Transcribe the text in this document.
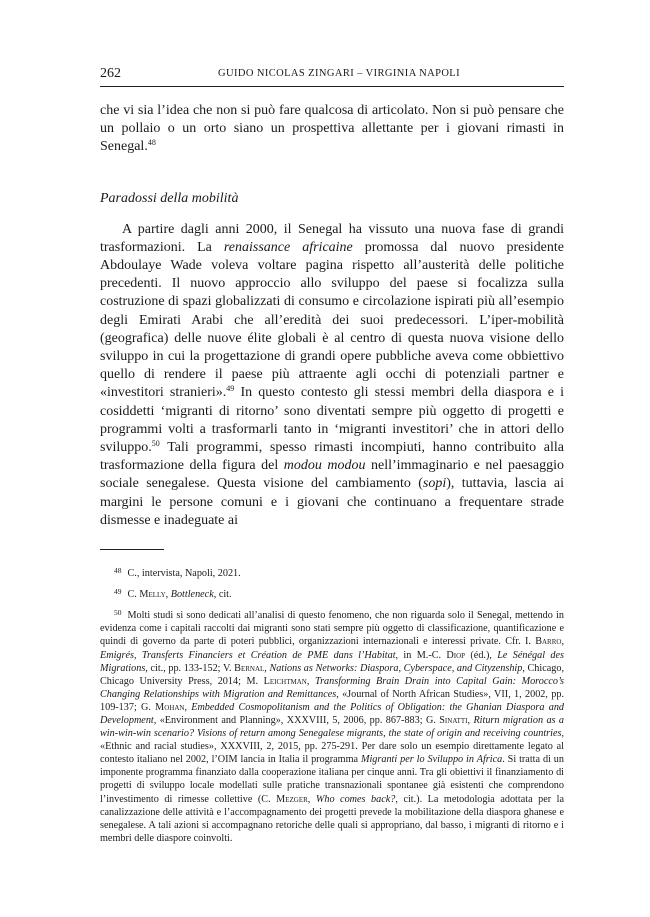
262	GUIDO NICOLAS ZINGARI – VIRGINIA NAPOLI

che vi sia l’idea che non si può fare qualcosa di articolato. Non si può pensare che un pollaio o un orto siano un prospettiva allettante per i giovani rimasti in Senegal.$^{48}$

Paradossi della mobilità

A partire dagli anni 2000, il Senegal ha vissuto una nuova fase di grandi trasformazioni. La renaissance africaine promossa dal nuovo presidente Abdoulaye Wade voleva voltare pagina rispetto all’austerità delle politiche precedenti. Il nuovo approccio allo sviluppo del paese si focalizza sulla costruzione di spazi globalizzati di consumo e circolazione ispirati più all’esempio degli Emirati Arabi che all’eredità dei suoi predecessori. L’iper-mobilità (geografica) delle nuove élite globali è al centro di questa nuova visione dello sviluppo in cui la progettazione di grandi opere pubbliche aveva come obbiettivo quello di rendere il paese più attraente agli occhi di potenziali partner e «investitori stranieri».$^{49}$ In questo contesto gli stessi membri della diaspora e i cosiddetti ‘migranti di ritorno’ sono diventati sempre più oggetto di progetti e programmi volti a trasformarli tanto in ‘migranti investitori’ che in attori dello sviluppo.$^{50}$ Tali programmi, spesso rimasti incompiuti, hanno contribuito alla trasformazione della figura del modou modou nell’immaginario e nel paesaggio sociale senegalese. Questa visione del cambiamento (sopi), tuttavia, lascia ai margini le persone comuni e i giovani che continuano a frequentare strade dismesse e inadeguate ai

$^{48}$ C., intervista, Napoli, 2021.

$^{49}$ C. Melly, Bottleneck, cit.

$^{50}$ Molti studi si sono dedicati all’analisi di questo fenomeno, che non riguarda solo il Senegal, mettendo in evidenza come i capitali raccolti dai migranti sono stati sempre più oggetto di classificazione, quantificazione e quindi di governo da parte di poteri pubblici, organizzazioni internazionali e interessi private. Cfr. I. Barro, Emigrés, Transferts Financiers et Création de PME dans l’Habitat, in M.-C. Diop (éd.), Le Sénégal des Migrations, cit., pp. 133-152; V. Bernal, Nations as Networks: Diaspora, Cyberspace, and Cityzenship, Chicago, Chicago University Press, 2014; M. Leichtman, Transforming Brain Drain into Capital Gain: Morocco’s Changing Relationships with Migration and Remittances, «Journal of North African Studies», VII, 1, 2002, pp. 109-137; G. Mohan, Embedded Cosmopolitanism and the Politics of Obligation: the Ghanian Diaspora and Development, «Environment and Planning», XXXVIII, 5, 2006, pp. 867-883; G. Sinatti, Riturn migration as a win-win-win scenario? Visions of return among Senegalese migrants, the state of origin and receiving countries, «Ethnic and racial studies», XXXVIII, 2, 2015, pp. 275-291. Per dare solo un esempio direttamente legato al contesto italiano nel 2002, l’OIM lancia in Italia il programma Migranti per lo Sviluppo in Africa. Si tratta di un imponente programma finanziato dalla cooperazione italiana per cinque anni. Tra gli obiettivi il finanziamento di progetti di sviluppo locale modellati sulle pratiche transnazionali spontanee già esistenti che comprendono l’investimento di rimesse collettive (C. Mezger, Who comes back?, cit.). La metodologia adottata per la canalizzazione delle attività e l’accompagnamento dei progetti prevede la mobilitazione della diaspora ghanese e senegalese. A tali azioni si accompagnano retoriche delle quali si appropriano, dal basso, i migranti di ritorno e i membri delle diaspore coinvolti.
